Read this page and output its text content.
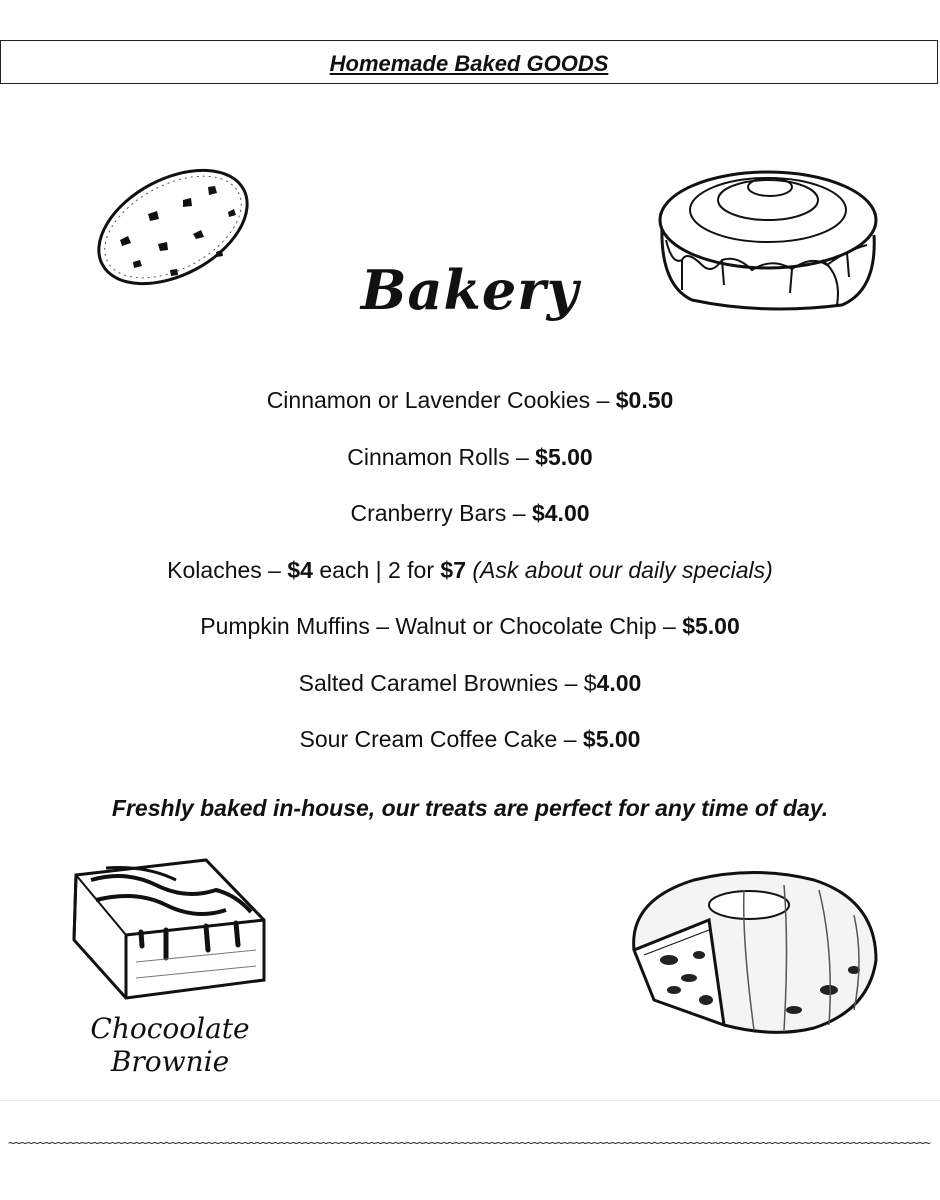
Homemade Baked GOODS
Bakery
Cinnamon or Lavender Cookies – $0.50
Cinnamon Rolls – $5.00
Cranberry Bars – $4.00
Kolaches – $4 each | 2 for $7 (Ask about our daily specials)
Pumpkin Muffins – Walnut or Chocolate Chip – $5.00
Salted Caramel Brownies – $4.00
Sour Cream Coffee Cake – $5.00
Freshly baked in-house, our treats are perfect for any time of day.
Chocoolate Brownie
~~~~~~~~~~~~~~~~~~~~~~~~~~~~~~~~~~~~~~~~~~~~~~~~~~~~~~~~~~~~~~~~~~~~~~~~~~~~~~~~~~~~~~~~~~~~~~~~~~~~~~~~~~~~~~~~~~~~~~~~~~~~~~~~~~~~~~~~~~~~~~~~~~~~~~~~~
